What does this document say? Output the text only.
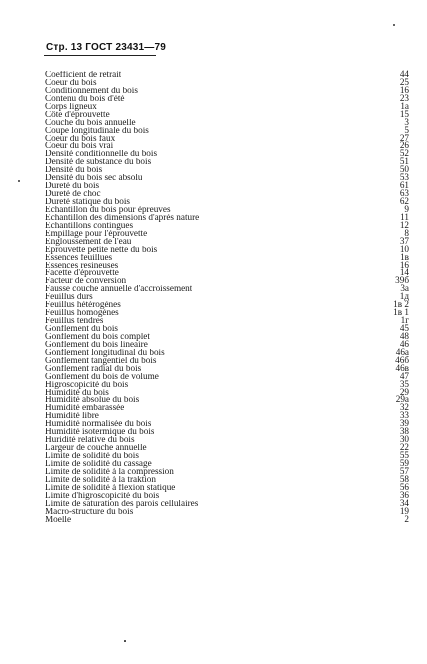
Стр. 13 ГОСТ 23431—79
Coefficient de retrait	44
Coeur du bois	25
Conditionnement du bois	16
Contenu du bois d'été	23
Corps ligneux	1a
Côte d'éprouvette	15
Couche du bois annuelle	3
Coupe longitudinale du bois	5
Coeur du bois faux	27
Coeur du bois vrai	26
Densité conditionnelle du bois	52
Densité de substance du bois	51
Densité du bois	50
Densité du bois sec absolu	53
Dureté du bois	61
Dureté de choc	63
Dureté statique du bois	62
Echantillon du bois pour épreuves	9
Echantillon des dimensions d'après nature	11
Echantillons contingues	12
Empillage pour l'éprouvette	8
Engloussement de l'eau	37
Eprouvette petite nette du bois	10
Essences feuillues	1в
Essences resineuses	16
Facette d'éprouvette	14
Facteur de conversion	39б
Fausse couche annuelle d'accroissement	3а
Feuillus durs	1д
Feuillus hétérogènes	1в 2
Feuillus homogènes	1в 1
Feuillus tendres	1г
Gonflement du bois	45
Gonflement du bois complet	48
Gonflement du bois lineaire	46
Gonflement longitudinal du bois	46а
Gonflement tangentiel du bois	46б
Gonflement radial du bois	46в
Gonflement du bois de volume	47
Higroscopicité du bois	35
Humidité du bois	29
Humidité absolue du bois	29а
Humidité embarassée	32
Humidité libre	33
Humidité normalisée du bois	39
Humidité isotermique du bois	38
Huridité relative du bois	30
Largeur de couche annuelle	22
Limite de solidité du bois	55
Limite de solidité du cassage	59
Limite de solidité à la compression	57
Limite de solidité à la traktion	58
Limite de solidité à flexion statique	56
Limite d'higroscopicité du bois	36
Limite de saturation des parois cellulaires	34
Macro-structure du bois	19
Moelle	2
